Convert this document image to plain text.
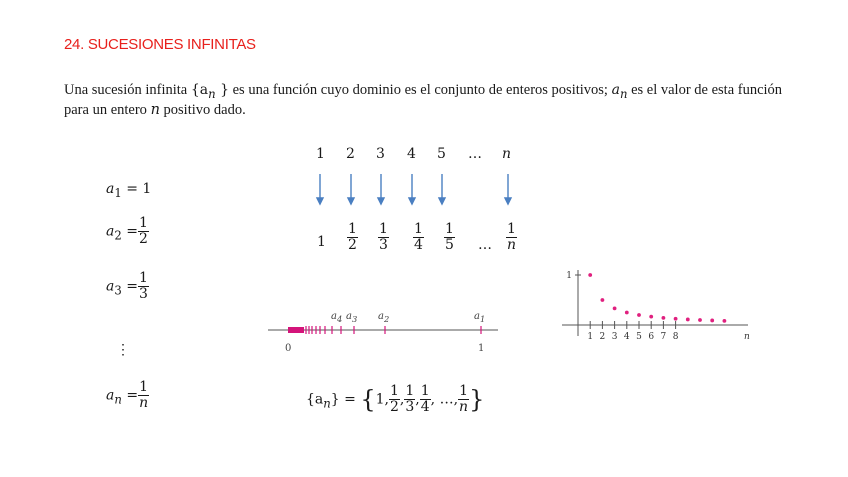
24. SUCESIONES INFINITAS
Una sucesión infinita {$a_n$ } es una función cuyo dominio es el conjunto de enteros positivos; $a_n$ es el valor de esta función para un entero n positivo dado.
$a_1 = 1$
$a_2 = \frac{1}{2}$
$a_3 = \frac{1}{3}$
⋮
$a_n = \frac{1}{n}$
1 2 3 4 5 … n
$1 \frac{1}{2} \frac{1}{3} \frac{1}{4} \frac{1}{5}$ … $\frac{1}{n}$
$a_4$ $a_3$ $a_2$	$a_1$
0	1
$\{a_n\} = \{1$, $\frac{1}{2}$ , $\frac{1}{3}$ , $\frac{1}{4}$ , …, $\frac{1}{n}$ }
1 2 3 4 5 6 7 8
1
n
